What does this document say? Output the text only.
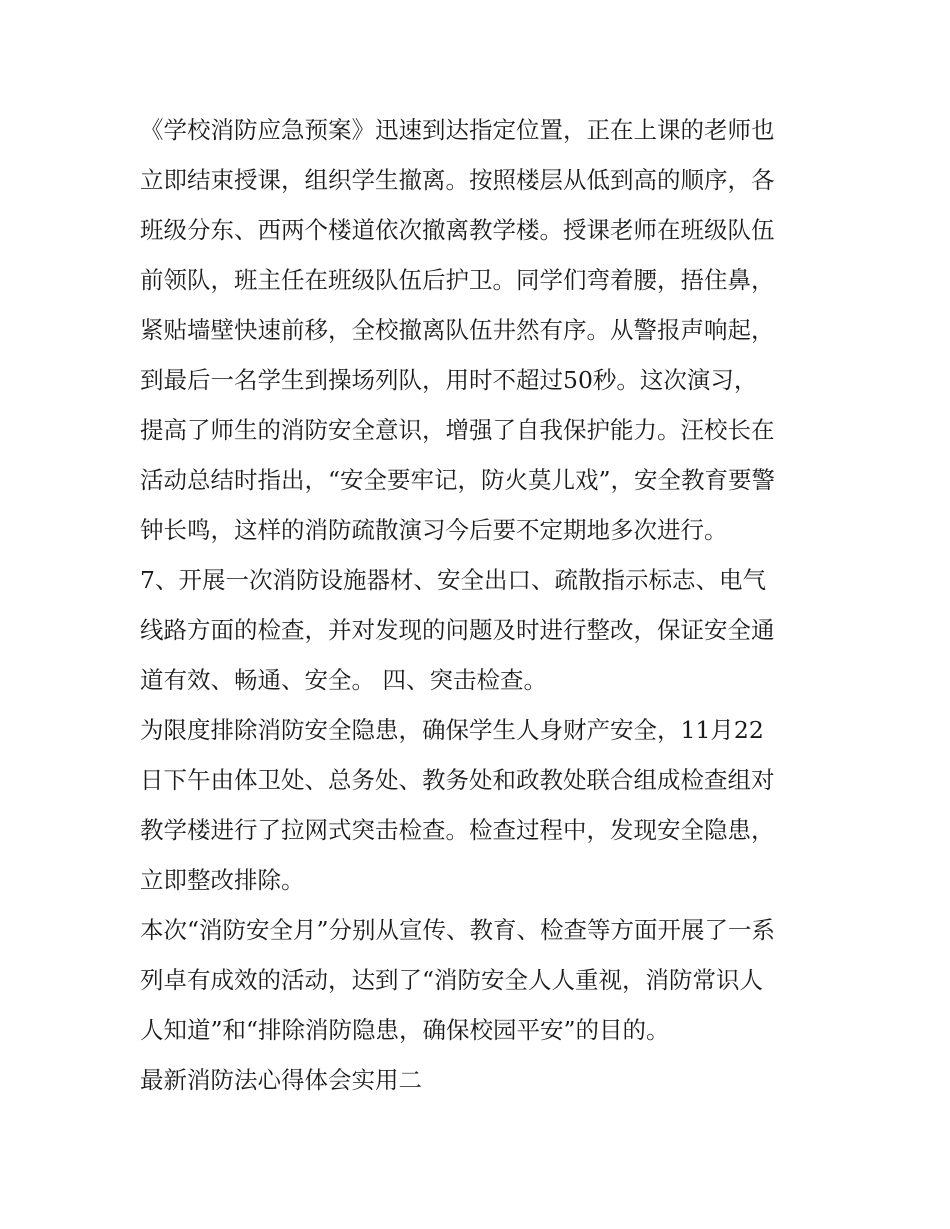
《学校消防应急预案》迅速到达指定位置，正在上课的老师也
立即结束授课，组织学生撤离。按照楼层从低到高的顺序，各
班级分东、西两个楼道依次撤离教学楼。授课老师在班级队伍
前领队，班主任在班级队伍后护卫。同学们弯着腰，捂住鼻，
紧贴墙壁快速前移，全校撤离队伍井然有序。从警报声响起，
到最后一名学生到操场列队，用时不超过50秒。这次演习，
提高了师生的消防安全意识，增强了自我保护能力。汪校长在
活动总结时指出，“安全要牢记，防火莫儿戏”，安全教育要警
钟长鸣，这样的消防疏散演习今后要不定期地多次进行。
7、开展一次消防设施器材、安全出口、疏散指示标志、电气
线路方面的检查，并对发现的问题及时进行整改，保证安全通
道有效、畅通、安全。 四、突击检查。
为限度排除消防安全隐患，确保学生人身财产安全，11月22
日下午由体卫处、总务处、教务处和政教处联合组成检查组对
教学楼进行了拉网式突击检查。检查过程中，发现安全隐患，
立即整改排除。
本次“消防安全月”分别从宣传、教育、检查等方面开展了一系
列卓有成效的活动，达到了“消防安全人人重视，消防常识人
人知道”和“排除消防隐患，确保校园平安”的目的。
最新消防法心得体会实用二
